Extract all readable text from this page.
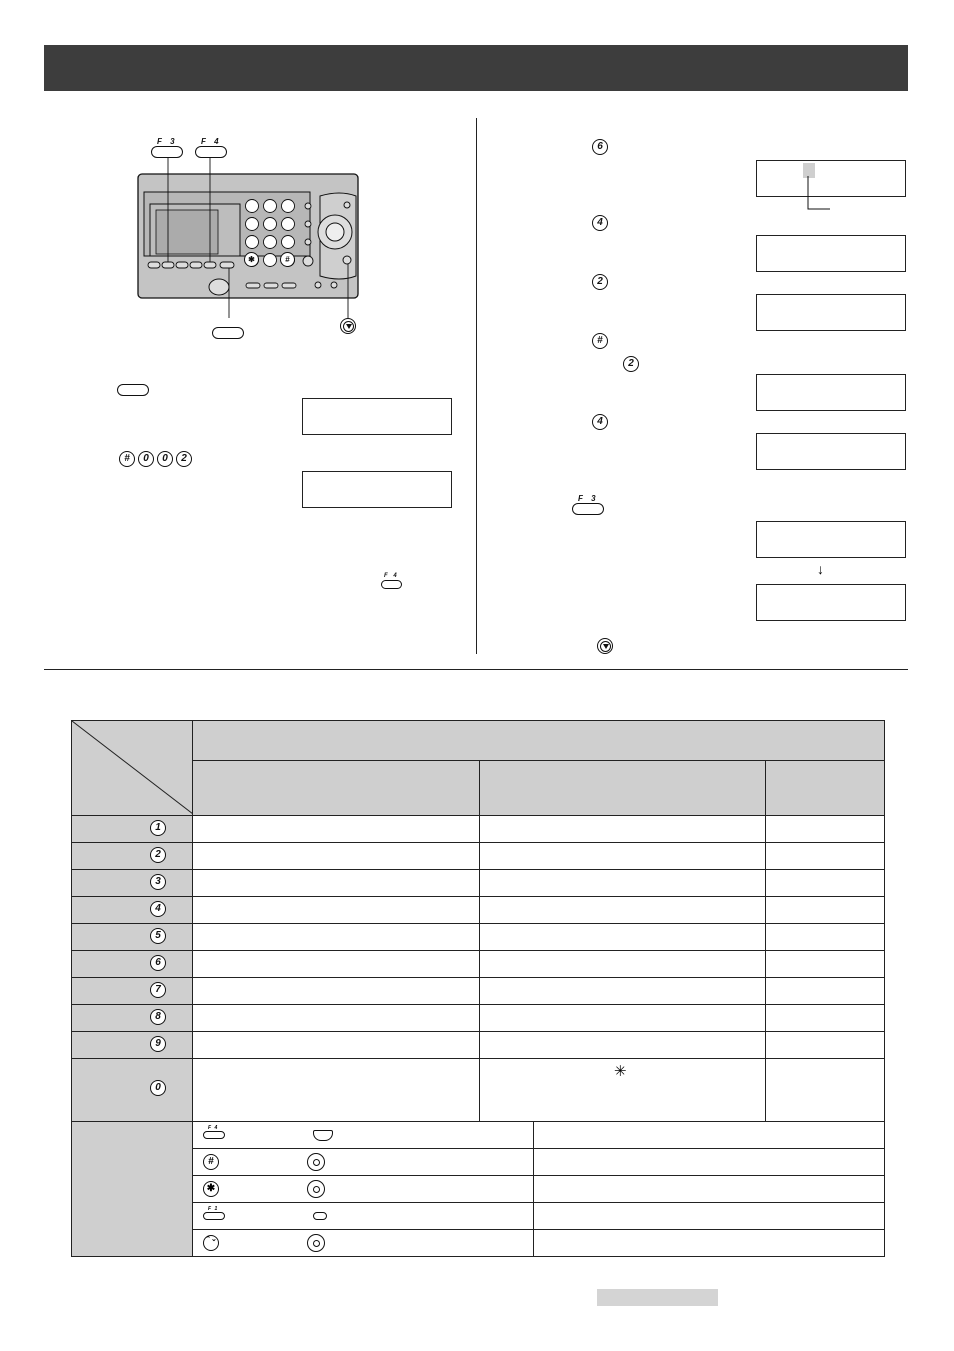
✱	#
F 3	F 4
#	0	0	2
F 4
6
4
2
#
2
4
F 3
↓

1				

2				

3				

4				

5				

6				

7				

8				

9				

0		✳		

	F 4			

	#			

	✱			

	F 1			

	⌃⌄			
